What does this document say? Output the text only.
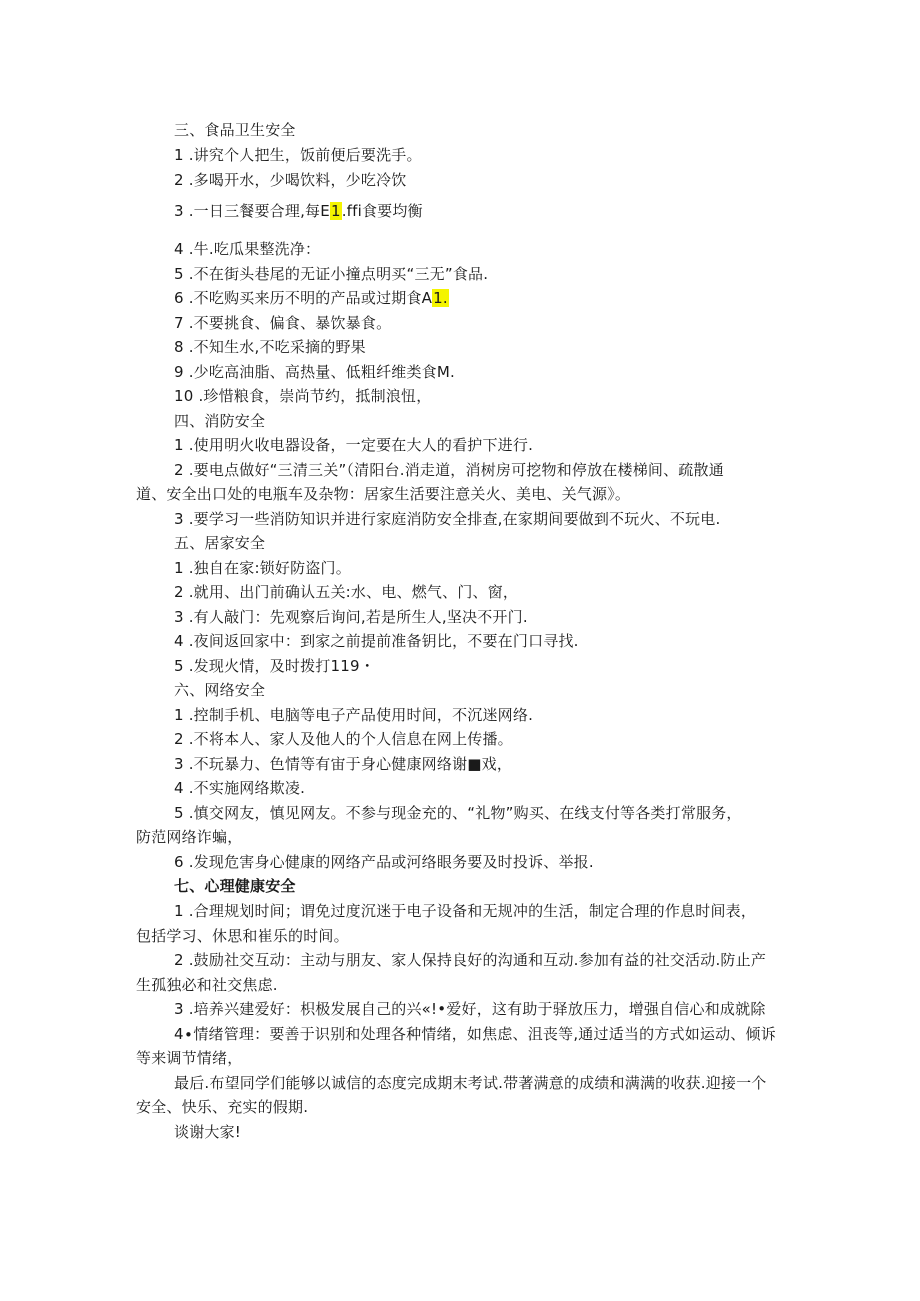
三、食品卫生安全
1 .讲究个人把生，饭前便后要洗手。
2 .多喝开水，少喝饮料，少吃冷饮
3 .一日三餐要合理,每E1.ffi食要均衡
4 .牛.吃瓜果整洗净：
5 .不在街头巷尾的无证小撞点明买“三无”食品.
6 .不吃购买来历不明的产品或过期食A1.
7 .不要挑食、偏食、暴饮暴食。
8 .不知生水,不吃采摘的野果
9 .少吃高油脂、高热量、低粗纤维类食M.
10 .珍惜粮食，崇尚节约，抵制浪忸，
四、消防安全
1 .使用明火收电器设备，一定要在大人的看护下进行.
2 .要电点做好“三清三关”（清阳台.消走道，消树房可挖物和停放在楼梯间、疏散通
道、安全出口处的电瓶车及杂物：居家生活要注意关火、美电、关气源》。
3 .要学习一些消防知识并进行家庭消防安全排查,在家期间要做到不玩火、不玩电.
五、居家安全
1 .独自在家:锁好防盗门。
2 .就用、出门前确认五关:水、电、燃气、门、窗，
3 .有人敲门：先观察后询问,若是所生人,坚决不开门.
4 .夜间返回家中：到家之前提前准备钥比，不要在门口寻找.
5 .发现火情，及时拨打119・
六、网络安全
1 .控制手机、电脑等电子产品使用时间，不沉迷网络.
2 .不将本人、家人及他人的个人信息在网上传播。
3 .不玩暴力、色情等有宙于身心健康网络谢■戏，
4 .不实施网络欺凌.
5 .慎交网友，慎见网友。不参与现金充的、“礼物”购买、在线支付等各类打常服务，
防范网络诈蝙，
6 .发现危害身心健康的网络产品或河络眼务要及时投诉、举报.
七、心理健康安全
1 .合理规划时间；谓免过度沉迷于电子设备和无规冲的生活，制定合理的作息时间表，
包括学习、休思和崔乐的时间。
2 .鼓励社交互动：主动与朋友、家人保持良好的沟通和互动.参加有益的社交活动.防止产
生孤独必和社交焦虑.
3 .培养兴建爱好：枳极发展自己的兴«!•爱好，这有助于驿放压力，增强自信心和成就除
4∙情绪管理：要善于识别和处理各种情绪，如焦虑、沮丧等,通过适当的方式如运动、倾诉
等来调节情绪，
最后.布望同学们能够以诚信的态度完成期末考试.带著满意的成绩和满满的收获.迎接一个
安全、快乐、充实的假期.
谈谢大家!
